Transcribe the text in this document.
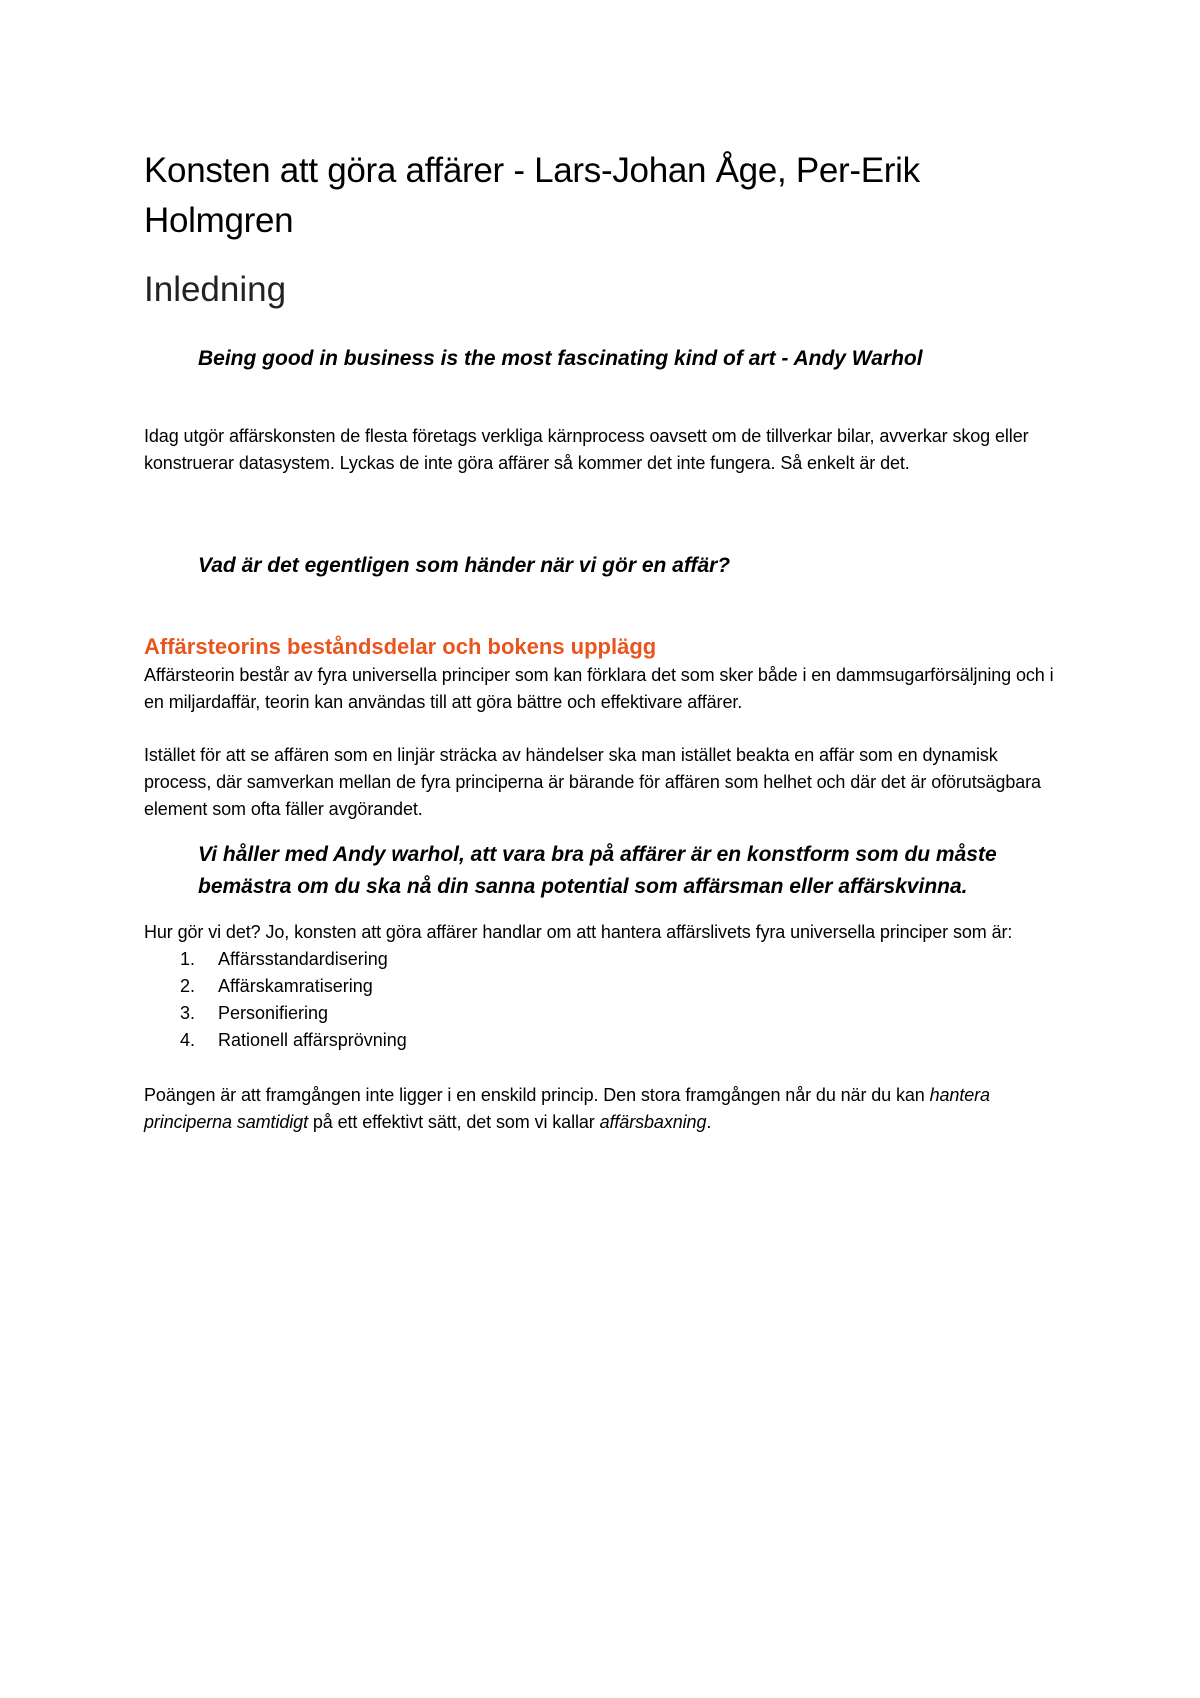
Konsten att göra affärer - Lars-Johan Åge, Per-Erik Holmgren
Inledning

Being good in business is the most fascinating kind of art - Andy Warhol

Idag utgör affärskonsten de flesta företags verkliga kärnprocess oavsett om de tillverkar bilar, avverkar skog eller konstruerar datasystem. Lyckas de inte göra affärer så kommer det inte fungera. Så enkelt är det.

Vad är det egentligen som händer när vi gör en affär?

Affärsteorins beståndsdelar och bokens upplägg

Affärsteorin består av fyra universella principer som kan förklara det som sker både i en dammsugarförsäljning och i en miljardaffär, teorin kan användas till att göra bättre och effektivare affärer.

Istället för att se affären som en linjär sträcka av händelser ska man istället beakta en affär som en dynamisk process, där samverkan mellan de fyra principerna är bärande för affären som helhet och där det är oförutsägbara element som ofta fäller avgörandet.

Vi håller med Andy warhol, att vara bra på affärer är en konstform som du måste bemästra om du ska nå din sanna potential som affärsman eller affärskvinna.

Hur gör vi det? Jo, konsten att göra affärer handlar om att hantera affärslivets fyra universella principer som är:

1. Affärsstandardisering
2. Affärskamratisering
3. Personifiering
4. Rationell affärsprövning

Poängen är att framgången inte ligger i en enskild princip. Den stora framgången når du när du kan hantera principerna samtidigt på ett effektivt sätt, det som vi kallar affärsbaxning.
